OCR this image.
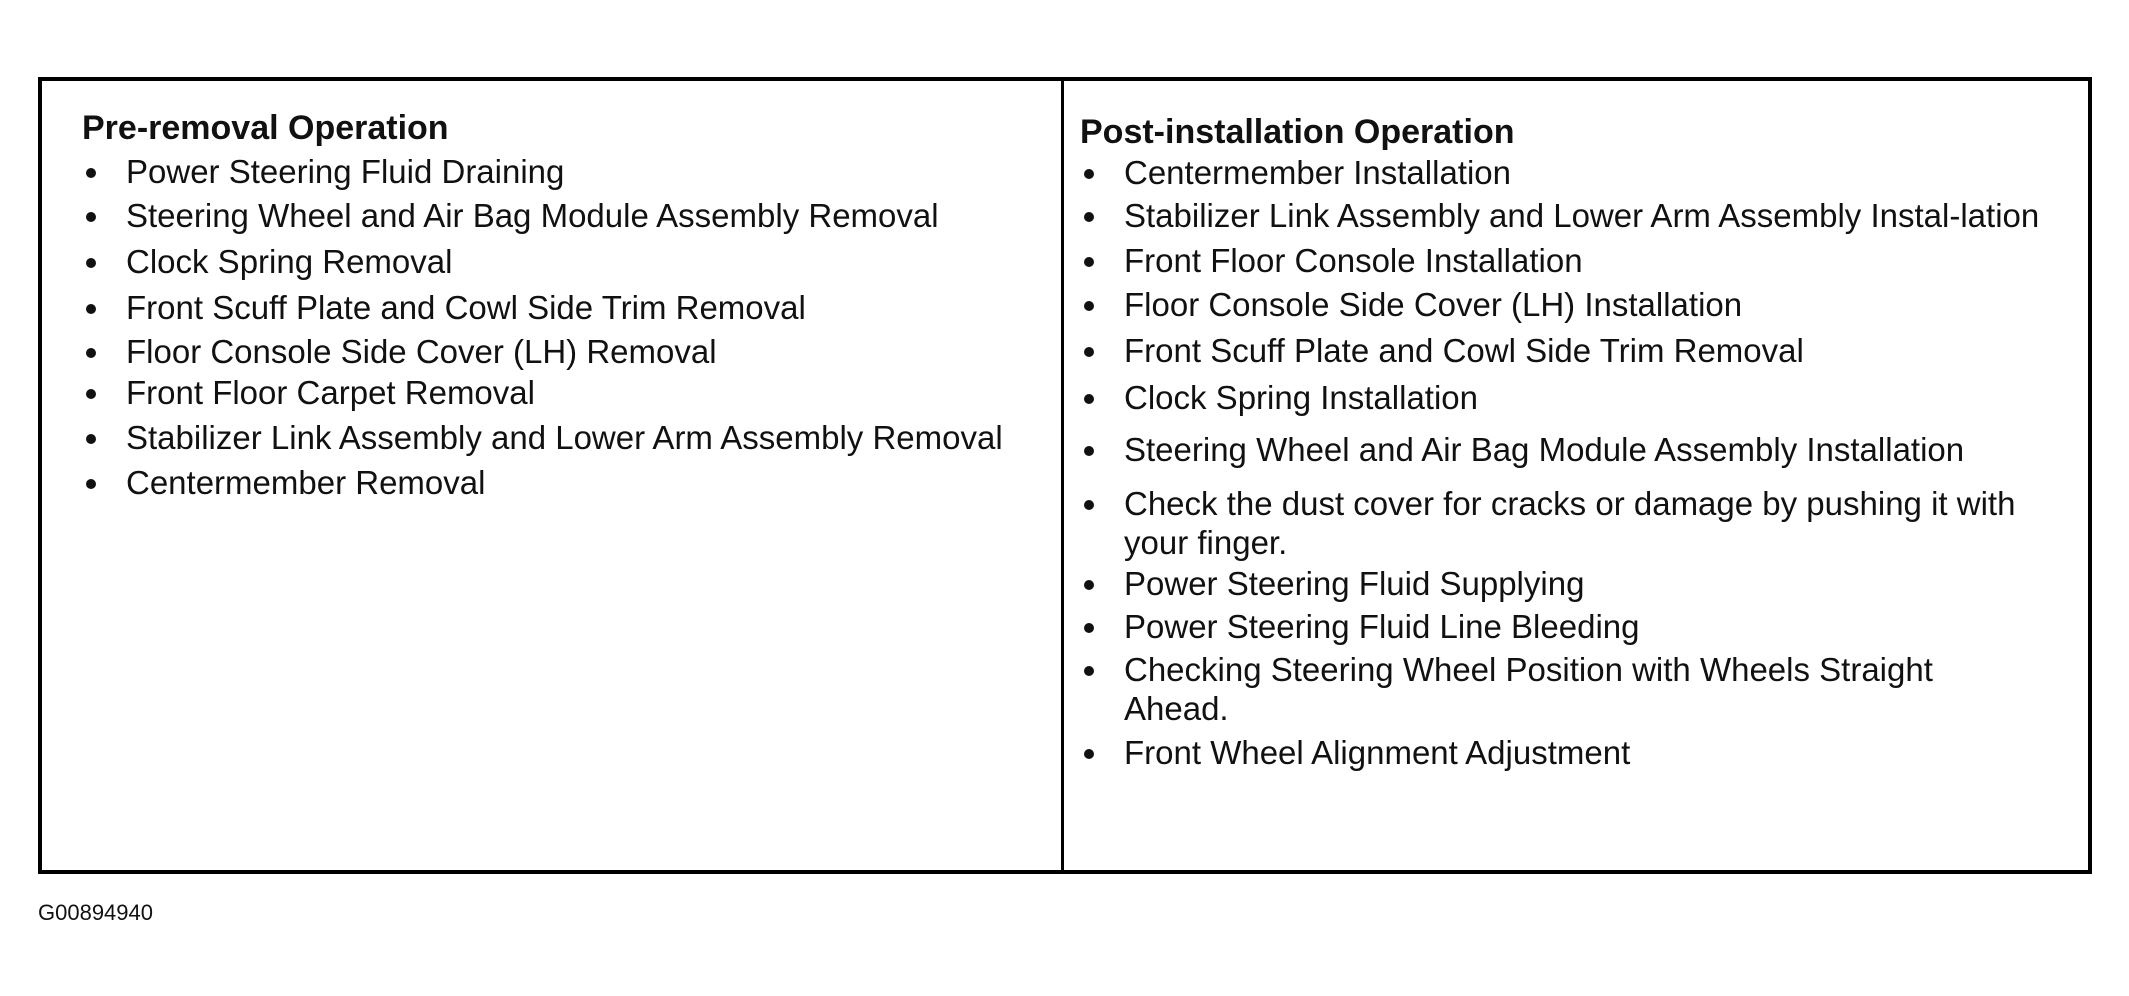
Pre-removal Operation
Power Steering Fluid Draining
Steering Wheel and Air Bag Module Assembly Removal
Clock Spring Removal
Front Scuff Plate and Cowl Side Trim Removal
Floor Console Side Cover (LH) Removal
Front Floor Carpet Removal
Stabilizer Link Assembly and Lower Arm Assembly Removal
Centermember Removal
Post-installation Operation
Centermember Installation
Stabilizer Link Assembly and Lower Arm Assembly Instal-lation
Front Floor Console Installation
Floor Console Side Cover (LH) Installation
Front Scuff Plate and Cowl Side Trim Removal
Clock Spring Installation
Steering Wheel and Air Bag Module Assembly Installation
Check the dust cover for cracks or damage by pushing it with your finger.
Power Steering Fluid Supplying
Power Steering Fluid Line Bleeding
Checking Steering Wheel Position with Wheels Straight Ahead.
Front Wheel Alignment Adjustment
G00894940
